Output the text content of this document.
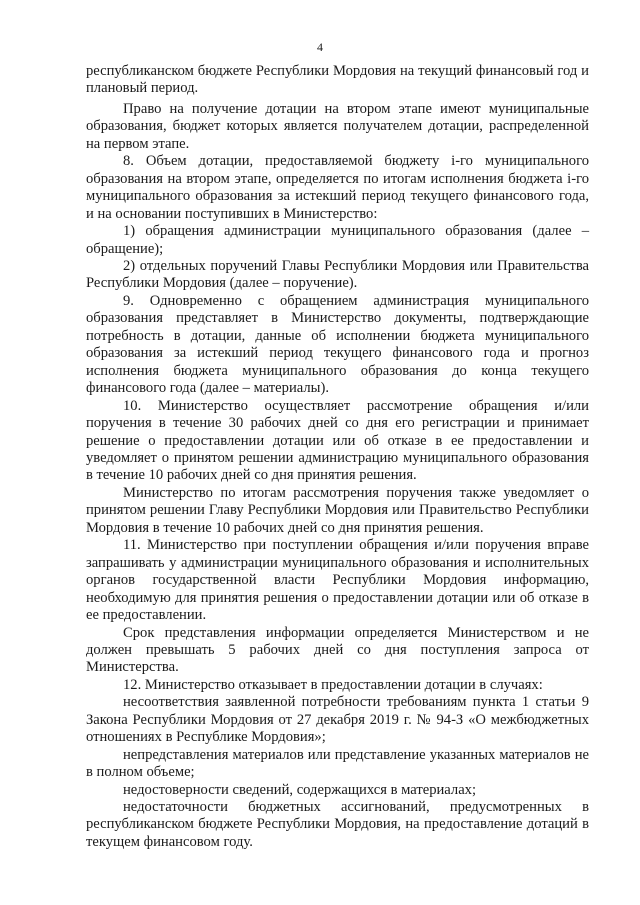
4

республиканском бюджете Республики Мордовия на текущий финансовый год и плановый период.

Право на получение дотации на втором этапе имеют муниципальные образования, бюджет которых является получателем дотации, распределенной на первом этапе.

8. Объем дотации, предоставляемой бюджету i-го муниципального образования на втором этапе, определяется по итогам исполнения бюджета i-го муниципального образования за истекший период текущего финансового года, и на основании поступивших в Министерство:

1) обращения администрации муниципального образования (далее – обращение);

2) отдельных поручений Главы Республики Мордовия или Правительства Республики Мордовия (далее – поручение).

9. Одновременно с обращением администрация муниципального образования представляет в Министерство документы, подтверждающие потребность в дотации, данные об исполнении бюджета муниципального образования за истекший период текущего финансового года и прогноз исполнения бюджета муниципального образования до конца текущего финансового года (далее – материалы).

10. Министерство осуществляет рассмотрение обращения и/или поручения в течение 30 рабочих дней со дня его регистрации и принимает решение о предоставлении дотации или об отказе в ее предоставлении и уведомляет о принятом решении администрацию муниципального образования в течение 10 рабочих дней со дня принятия решения.

Министерство по итогам рассмотрения поручения также уведомляет о принятом решении Главу Республики Мордовия или Правительство Республики Мордовия в течение 10 рабочих дней со дня принятия решения.

11. Министерство при поступлении обращения и/или поручения вправе запрашивать у администрации муниципального образования и исполнительных органов государственной власти Республики Мордовия информацию, необходимую для принятия решения о предоставлении дотации или об отказе в ее предоставлении.

Срок представления информации определяется Министерством и не должен превышать 5 рабочих дней со дня поступления запроса от Министерства.

12. Министерство отказывает в предоставлении дотации в случаях:

несоответствия заявленной потребности требованиям пункта 1 статьи 9 Закона Республики Мордовия от 27 декабря 2019 г. № 94-З «О межбюджетных отношениях в Республике Мордовия»;

непредставления материалов или представление указанных материалов не в полном объеме;

недостоверности сведений, содержащихся в материалах;

недостаточности бюджетных ассигнований, предусмотренных в республиканском бюджете Республики Мордовия, на предоставление дотаций в текущем финансовом году.
